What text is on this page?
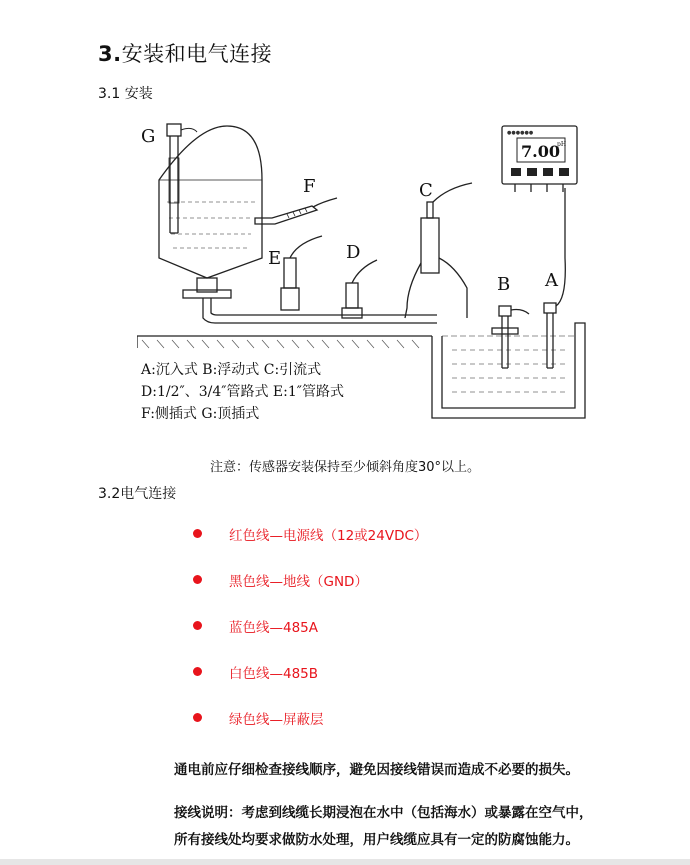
3.安装和电气连接
3.1 安装
●●●●●●
7.00
pH
A
B
C
D
E
F
G
A:沉入式 B:浮动式 C:引流式
D:1/2″、3/4″管路式 E:1″管路式
F:侧插式 G:顶插式
注意：传感器安装保持至少倾斜角度30°以上。
3.2电气连接
红色线—电源线（12或24VDC）
黑色线—地线（GND）
蓝色线—485A
白色线—485B
绿色线—屏蔽层
通电前应仔细检查接线顺序，避免因接线错误而造成不必要的损失。
接线说明：考虑到线缆长期浸泡在水中（包括海水）或暴露在空气中，
所有接线处均要求做防水处理，用户线缆应具有一定的防腐蚀能力。
